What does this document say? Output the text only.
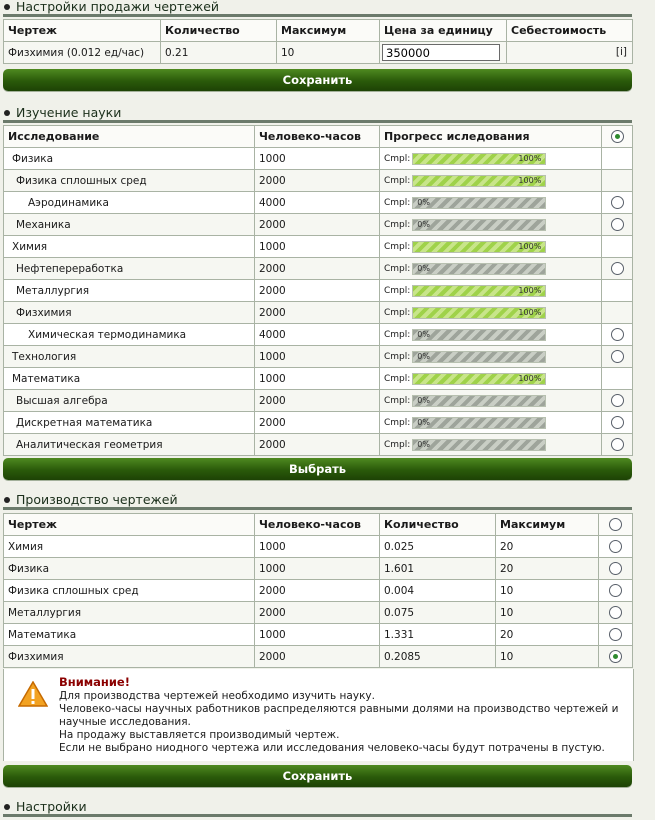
Настройки продажи чертежей
Чертеж	Количество	Максимум	Цена за единицу	Себестоимость
Физхимия (0.012 ед/час)	0.21	10	350000	[i]
Сохранить
Изучение науки
Исследование	Человеко-часов	Прогресс иследования	
Физика	1000	Cmpl: 100%	

Физика сплошных сред	2000	Cmpl: 100%	

Аэродинамика	4000	Cmpl: 0%	

Механика	2000	Cmpl: 0%	

Химия	1000	Cmpl: 100%	

Нефтепереработка	2000	Cmpl: 0%	

Металлургия	2000	Cmpl: 100%	

Физхимия	2000	Cmpl: 100%	

Химическая термодинамика	4000	Cmpl: 0%	

Технология	1000	Cmpl: 0%	

Математика	1000	Cmpl: 100%	

Высшая алгебра	2000	Cmpl: 0%	

Дискретная математика	2000	Cmpl: 0%	

Аналитическая геометрия	2000	Cmpl: 0%	

Выбрать
Производство чертежей
Чертеж	Человеко-часов	Количество	Максимум	
Химия	1000	0.025	20	
Физика	1000	1.601	20	
Физика сплошных сред	2000	0.004	10	
Металлургия	2000	0.075	10	
Математика	1000	1.331	20	
Физхимия	2000	0.2085	10	
Внимание!
Для производства чертежей необходимо изучить науку.
Человеко-часы научных работников распределяются равными долями на производство чертежей и
научные исследования.
На продажу выставляется производимый чертеж.
Если не выбрано ниодного чертежа или исследования человеко-часы будут потрачены в пустую.
Сохранить
Настройки
